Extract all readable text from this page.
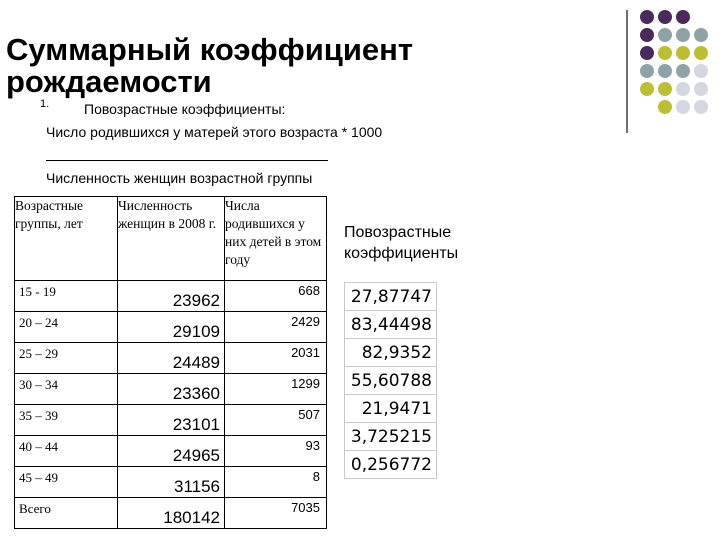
Суммарный коэффициент
рождаемости
1. Повозрастные коэффициенты:
Число родившихся у матерей этого возраста * 1000
Численность женщин возрастной группы
Возрастные группы, лет	Численность женщин в 2008 г.	Числа родившихся у них детей в этом году
15 - 19	23962	668
20 – 24	29109	2429
25 – 29	24489	2031
30 – 34	23360	1299
35 – 39	23101	507
40 – 44	24965	93
45 – 49	31156	8
Всего	180142	7035
Повозрастные
коэффициенты
27,87747
83,44498
82,9352
55,60788
21,9471
3,725215
0,256772
